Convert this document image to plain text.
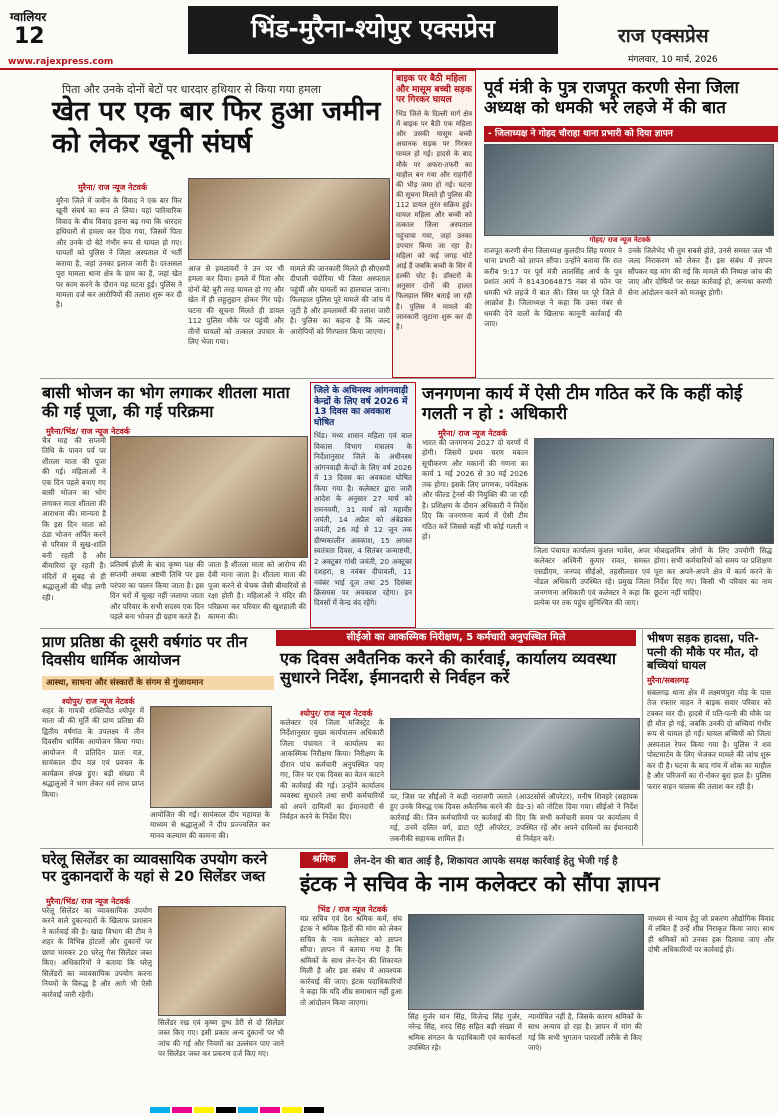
ग्वालियर
12
www.rajexpress.com
भिंड-मुरैना-श्योपुर एक्सप्रेस	राज एक्सप्रेस
मंगलवार, 10 मार्च, 2026
पिता और उनके दोनों बेटों पर धारदार हथियार से किया गया हमला
खेत पर एक बार फिर हुआ जमीन को लेकर खूनी संघर्ष
मुरैना/ राज न्यूज नेटवर्क
मुरैना जिले में जमीन के विवाद ने एक बार फिर खूनी संघर्ष का रूप ले लिया। यहां पारिवारिक विवाद के बीच विवाद इतना बढ़ गया कि धारदार हथियारों से हमला कर दिया गया, जिसमें पिता और उनके दो बेटे गंभीर रूप से घायल हो गए। घायलों को पुलिस ने जिला अस्पताल में भर्ती कराया है, जहां उनका इलाज जारी है। दरअसल पूरा मामला थाना क्षेत्र के ग्राम का है, जहां खेत पर काम करने के दौरान यह घटना हुई। पुलिस ने मामला दर्ज कर आरोपियों की तलाश शुरू कर दी है।
आज से हमलावरों ने उन पर भी हमला कर दिया। हमले में पिता और दोनों बेटे बुरी तरह घायल हो गए और खेत में ही लहूलुहान होकर गिर पड़े। घटना की सूचना मिलते ही डायल 112 पुलिस मौके पर पहुंची और तीनों घायलों को तत्काल उपचार के लिए भेजा गया।
मामले की जानकारी मिलते ही सीएसपी दीपाली चंदोरिया भी जिला अस्पताल पहुंचीं और घायलों का हालचाल जाना। फिलहाल पुलिस पूरे मामले की जांच में जुटी है और हमलावरों की तलाश जारी है। पुलिस का कहना है कि जल्द आरोपियों को गिरफ्तार किया जाएगा।
बाइक पर बैठी महिला और मासूम बच्ची सड़क पर गिरकर घायल
भिंड जिले के दिल्ली मार्ग क्षेत्र में बाइक पर बैठी एक महिला और उसकी मासूम बच्ची अचानक सड़क पर गिरकर घायल हो गईं। हादसे के बाद मौके पर अफरा-तफरी का माहौल बन गया और राहगीरों की भीड़ जमा हो गई। घटना की सूचना मिलते ही पुलिस की 112 डायल तुरंत सक्रिय हुई। घायल महिला और बच्ची को तत्काल जिला अस्पताल पहुंचाया गया, जहां उनका उपचार किया जा रहा है। महिला को कई जगह चोटें आई हैं जबकि बच्ची के सिर में हल्की चोट है। डॉक्टरों के अनुसार दोनों की हालत फिलहाल स्थिर बताई जा रही है। पुलिस ने मामले की जानकारी जुटाना शुरू कर दी है।
पूर्व मंत्री के पुत्र राजपूत करणी सेना जिला अध्यक्ष को धमकी भरे लहजे में की बात
- जिलाध्यक्ष ने गोहद चौराहा थाना प्रभारी को दिया ज्ञापन
गोहद/ राज न्यूज नेटवर्क
राजपूत करणी सेना जिलाध्यक्ष कुलदीप सिंह परमार ने थाना प्रभारी को ज्ञापन सौंपा। उन्होंने बताया कि रात करीब 9:17 पर पूर्व मंत्री लालसिंह आर्य के पुत्र प्रशांत आर्य ने 8143064875 नंबर से फोन पर धमकी भरे लहजे में बात की। जिस पर पूरे जिले में आक्रोश है। जिलाध्यक्ष ने कहा कि उक्त नंबर से धमकी देने वालों के खिलाफ कानूनी कार्रवाई की जाए।
उनके जिलेभेद भी तुम सबसे होते, उनसे समस्त जल भी जल्द निराकरण को लेकर हैं। इस संबंध में ज्ञापन सौंपकर यह मांग की गई कि मामले की निष्पक्ष जांच की जाए और दोषियों पर सख्त कार्रवाई हो, अन्यथा करणी सेना आंदोलन करने को मजबूर होगी।
बासी भोजन का भोग लगाकर शीतला माता की गई पूजा, की गई परिक्रमा
मुरैना/भिंड/ राज न्यूज नेटवर्क
चैत्र माह की सप्तमी तिथि के पावन पर्व पर शीतला माता की पूजा की गई। महिलाओं ने एक दिन पहले बनाए गए बासी भोजन का भोग लगाकर माता शीतला की आराधना की। मान्यता है कि इस दिन माता को ठंडा भोजन अर्पित करने से परिवार में सुख-शांति बनी रहती है और बीमारियां दूर रहती हैं। मंदिरों में सुबह से ही श्रद्धालुओं की भीड़ लगी रही।
प्रतिवर्ष होली के बाद कृष्ण पक्ष की सप्तमी अथवा अष्टमी तिथि पर इस परंपरा का पालन किया जाता है। इस दिन घरों में चूल्हा नहीं जलाया जाता और परिवार के सभी सदस्य एक दिन पहले बना भोजन ही ग्रहण करते हैं।
जाता है शीतला माता को आरोग्य की देवी माना जाता है। शीतला माता की पूजा करने से चेचक जैसी बीमारियों से रक्षा होती है। महिलाओं ने मंदिर की परिक्रमा कर परिवार की खुशहाली की कामना की।
जिले के अधिनस्थ आंगनवाड़ी केन्द्रों के लिए वर्ष 2026 में 13 दिवस का अवकाश घोषित
भिंड। मध्य शासन महिला एवं बाल विकास विभाग मंत्रालय के निर्देशानुसार जिले के अधीनस्थ आंगनवाड़ी केन्द्रों के लिए वर्ष 2026 में 13 दिवस का अवकाश घोषित किया गया है। कलेक्टर द्वारा जारी आदेश के अनुसार 27 मार्च को रामनवमी, 31 मार्च को महावीर जयंती, 14 अप्रैल को अंबेडकर जयंती, 26 मई से 12 जून तक ग्रीष्मकालीन अवकाश, 15 अगस्त स्वतंत्रता दिवस, 4 सितंबर जन्माष्टमी, 2 अक्टूबर गांधी जयंती, 20 अक्टूबर दशहरा, 8 नवंबर दीपावली, 11 नवंबर भाई दूज तथा 25 दिसंबर क्रिसमस पर अवकाश रहेगा। इन दिवसों में केन्द्र बंद रहेंगे।
जनगणना कार्य में ऐसी टीम गठित करें कि कहीं कोई गलती न हो : अधिकारी
मुरैना/ राज न्यूज नेटवर्क
भारत की जनगणना 2027 दो चरणों में होगी। जिसमें प्रथम चरण मकान सूचीकरण और मकानों की गणना का कार्य 1 मई 2026 से 30 मई 2026 तक होगा। इसके लिए प्रगणक, पर्यवेक्षक और फील्ड ट्रेनर्स की नियुक्ति की जा रही है। प्रशिक्षण के दौरान अधिकारी ने निर्देश दिए कि जनगणना कार्य में ऐसी टीम गठित करें जिससे कहीं भी कोई गलती न हो।
जिला पंचायत कार्यालय कुशल भावेश, अपर कलेक्टर अश्विनी कुमार रावत, समस्त एसडीएम, जनपद सीईओ, तहसीलदार एवं नोडल अधिकारी उपस्थित रहे। प्रमुख जिला जनगणना अधिकारी एवं कलेक्टर ने कहा कि प्रत्येक घर तक पहुंच सुनिश्चित की जाए।
मोबाइलमित्र लोगों के लिए उपयोगी सिद्ध होगा। सभी कर्मचारियों को समय पर प्रशिक्षण पूरा कर अपने-अपने क्षेत्र में कार्य करने के निर्देश दिए गए। किसी भी परिवार का नाम छूटना नहीं चाहिए।
प्राण प्रतिष्ठा की दूसरी वर्षगांठ पर तीन दिवसीय धार्मिक आयोजन
आस्था, साधना और संस्कारों के संगम से गुंजायमान
श्योपुर/ राज न्यूज नेटवर्क
शहर के गायत्री शक्तिपीठ श्योपुर में माता जी की मूर्ति की प्राण प्रतिष्ठा की द्वितीय वर्षगांठ के उपलक्ष्य में तीन दिवसीय धार्मिक आयोजन किया गया। आयोजन में प्रतिदिन प्रातः यज्ञ, सायंकाल दीप यज्ञ एवं प्रवचन के कार्यक्रम संपन्न हुए। बड़ी संख्या में श्रद्धालुओं ने भाग लेकर धर्म लाभ प्राप्त किया।
आयोजित की गईं। सायंकाल दीप महायज्ञ के माध्यम से श्रद्धालुओं ने दीप प्रज्ज्वलित कर मानव कल्याण की कामना की।
सीईओ का आकस्मिक निरीक्षण, 5 कर्मचारी अनुपस्थित मिले
एक दिवस अवैतनिक करने की कार्रवाई, कार्यालय व्यवस्था सुधारने निर्देश, ईमानदारी से निर्वहन करें
श्योपुर/ राज न्यूज नेटवर्क
कलेक्टर एवं जिला मजिस्ट्रेट के निर्देशानुसार मुख्य कार्यपालन अधिकारी जिला पंचायत ने कार्यालय का आकस्मिक निरीक्षण किया। निरीक्षण के दौरान पांच कर्मचारी अनुपस्थित पाए गए, जिन पर एक दिवस का वेतन काटने की कार्रवाई की गई। उन्होंने कार्यालय व्यवस्था सुधारने तथा सभी कर्मचारियों को अपने दायित्वों का ईमानदारी से निर्वहन करने के निर्देश दिए।
पर, जिस पर सीईओ ने कड़ी नाराजगी जताते हुए उनके विरुद्ध एक दिवस अवैतनिक करने की कार्रवाई की। जिन कर्मचारियों पर कार्रवाई की गई, उनमें दलित वर्ग, डाटा एंट्री ऑपरेटर, तकनीकी सहायक शामिल हैं।
(आउटसोर्स ऑपरेटर), मनीष शिवहरे (सहायक ग्रेड-3) को नोटिस दिया गया। सीईओ ने निर्देश दिए कि सभी कर्मचारी समय पर कार्यालय में उपस्थित रहें और अपने दायित्वों का ईमानदारी से निर्वहन करें।
भीषण सड़क हादसा, पति-पत्नी की मौके पर मौत, दो बच्चियां घायल
मुरैना/सबलगढ़
सबलगढ़ थाना क्षेत्र में लक्ष्मणपुरा मोड़ के पास तेज रफ्तार वाहन ने बाइक सवार परिवार को टक्कर मार दी। हादसे में पति-पत्नी की मौके पर ही मौत हो गई, जबकि उनकी दो बच्चियां गंभीर रूप से घायल हो गईं। घायल बच्चियों को जिला अस्पताल रेफर किया गया है। पुलिस ने शव पोस्टमार्टम के लिए भेजकर मामले की जांच शुरू कर दी है। घटना के बाद गांव में शोक का माहौल है और परिजनों का रो-रोकर बुरा हाल है। पुलिस फरार वाहन चालक की तलाश कर रही है।
घरेलू सिलेंडर का व्यावसायिक उपयोग करने पर दुकानदारों के यहां से 20 सिलेंडर जब्त
मुरैना/भिंड/ राज न्यूज नेटवर्क
घरेलू सिलेंडर का व्यावसायिक उपयोग करने वाले दुकानदारों के खिलाफ प्रशासन ने कार्रवाई की है। खाद्य विभाग की टीम ने शहर के विभिन्न होटलों और दुकानों पर छापा मारकर 20 घरेलू गैस सिलेंडर जब्त किए। अधिकारियों ने बताया कि घरेलू सिलेंडरों का व्यावसायिक उपयोग करना नियमों के विरुद्ध है और आगे भी ऐसी कार्रवाई जारी रहेगी।
सिलेंडर रख एवं कृष्ण दुग्ध डेरी से दो सिलेंडर जब्त किए गए। इसी प्रकार अन्य दुकानों पर भी जांच की गई और नियमों का उल्लंघन पाए जाने पर सिलेंडर जब्त कर प्रकरण दर्ज किए गए।
श्रमिक	लेन-देन की बात आई है, शिकायत आपके समक्ष कार्रवाई हेतु भेजी गई है
इंटक ने सचिव के नाम कलेक्टर को सौंपा ज्ञापन
भिंड / राज न्यूज नेटवर्क
मप्र सचिव एवं देश श्रमिक कर्म, संघ इंटक ने श्रमिक हितों की मांग को लेकर सचिव के नाम कलेक्टर को ज्ञापन सौंपा। ज्ञापन में बताया गया है कि श्रमिकों के साथ लेन-देन की शिकायत मिली है और इस संबंध में आवश्यक कार्रवाई की जाए। इंटक पदाधिकारियों ने कहा कि यदि शीघ्र समाधान नहीं हुआ तो आंदोलन किया जाएगा।
सिंह गुर्जर मान सिंह, विजेन्द्र सिंह गुर्जर, नरेन्द्र सिंह, शरद सिंह सहित बड़ी संख्या में श्रमिक संगठन के पदाधिकारी एवं कार्यकर्ता उपस्थित रहे।
न्यायोचित नहीं है, जिसके कारण श्रमिकों के साथ अन्याय हो रहा है। ज्ञापन में मांग की गई कि सभी भुगतान पारदर्शी तरीके से किए जाएं।
माध्यम से न्याय हेतु जो प्रकरण औद्योगिक विवाद में लंबित हैं उन्हें शीघ्र निराकृत किया जाए। साथ ही श्रमिकों को उनका हक दिलाया जाए और दोषी अधिकारियों पर कार्रवाई हो।
